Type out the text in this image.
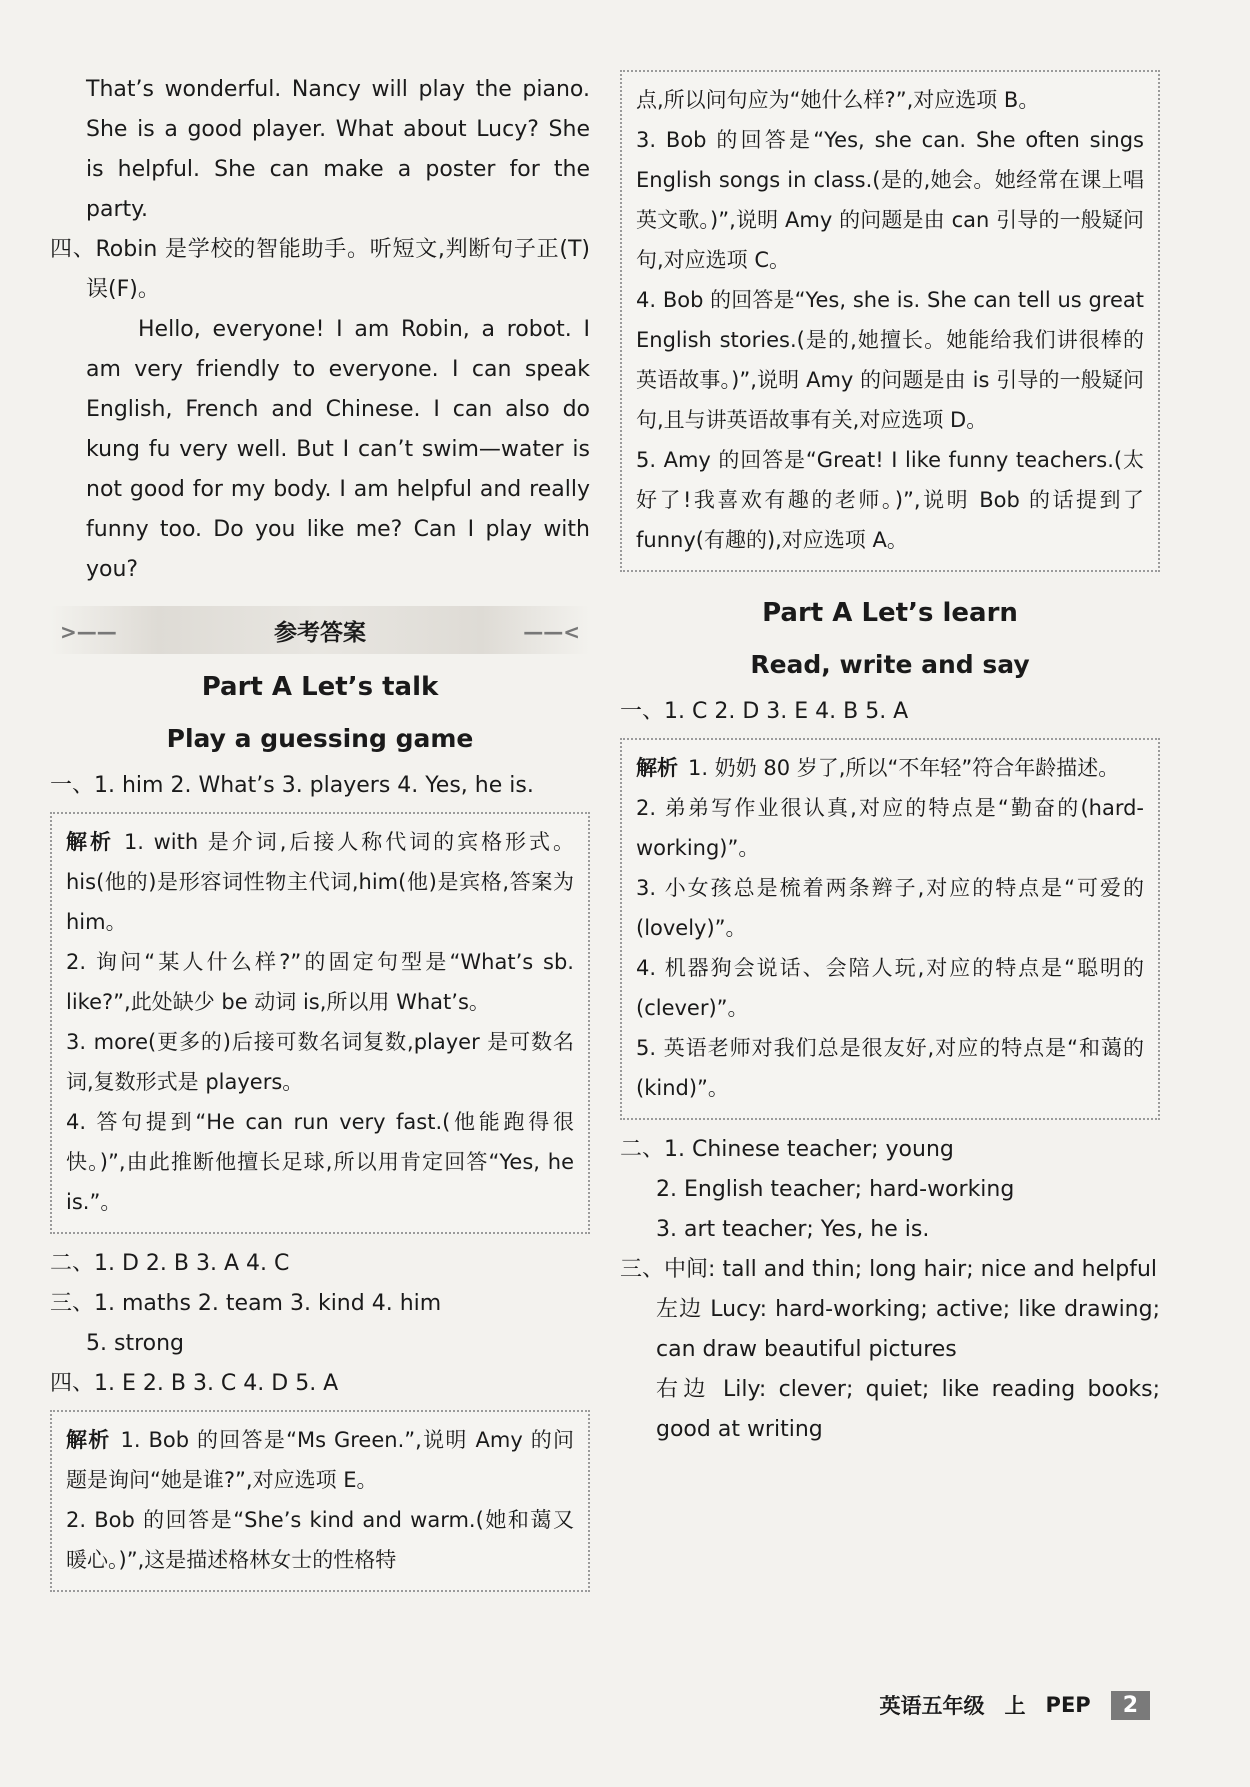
That’s wonderful. Nancy will play the piano. She is a good player. What about Lucy? She is helpful. She can make a poster for the party.

四、Robin 是学校的智能助手。听短文,判断句子正(T)误(F)。

Hello, everyone! I am Robin, a robot. I am very friendly to everyone. I can speak English, French and Chinese. I can also do kung fu very well. But I can’t swim—water is not good for my body. I am helpful and really funny too. Do you like me? Can I play with you?

>——	参考答案	——<
Part A Let’s talk
Play a guessing game

一、1. him 2. What’s 3. players 4. Yes, he is.

解析 1. with 是介词,后接人称代词的宾格形式。his(他的)是形容词性物主代词,him(他)是宾格,答案为 him。

2. 询问“某人什么样?”的固定句型是“What’s sb. like?”,此处缺少 be 动词 is,所以用 What’s。

3. more(更多的)后接可数名词复数,player 是可数名词,复数形式是 players。

4. 答句提到“He can run very fast.(他能跑得很快。)”,由此推断他擅长足球,所以用肯定回答“Yes, he is.”。

二、1. D 2. B 3. A 4. C

三、1. maths 2. team 3. kind 4. him

5. strong

四、1. E 2. B 3. C 4. D 5. A

解析 1. Bob 的回答是“Ms Green.”,说明 Amy 的问题是询问“她是谁?”,对应选项 E。

2. Bob 的回答是“She’s kind and warm.(她和蔼又暖心。)”,这是描述格林女士的性格特

点,所以问句应为“她什么样?”,对应选项 B。

3. Bob 的回答是“Yes, she can. She often sings English songs in class.(是的,她会。她经常在课上唱英文歌。)”,说明 Amy 的问题是由 can 引导的一般疑问句,对应选项 C。

4. Bob 的回答是“Yes, she is. She can tell us great English stories.(是的,她擅长。她能给我们讲很棒的英语故事。)”,说明 Amy 的问题是由 is 引导的一般疑问句,且与讲英语故事有关,对应选项 D。

5. Amy 的回答是“Great! I like funny teachers.(太好了!我喜欢有趣的老师。)”,说明 Bob 的话提到了 funny(有趣的),对应选项 A。

Part A Let’s learn
Read, write and say

一、1. C 2. D 3. E 4. B 5. A

解析 1. 奶奶 80 岁了,所以“不年轻”符合年龄描述。

2. 弟弟写作业很认真,对应的特点是“勤奋的(hard-working)”。

3. 小女孩总是梳着两条辫子,对应的特点是“可爱的(lovely)”。

4. 机器狗会说话、会陪人玩,对应的特点是“聪明的(clever)”。

5. 英语老师对我们总是很友好,对应的特点是“和蔼的(kind)”。

二、1. Chinese teacher; young

2. English teacher; hard-working

3. art teacher; Yes, he is.

三、中间: tall and thin; long hair; nice and helpful

左边 Lucy: hard-working; active; like drawing; can draw beautiful pictures

右边 Lily: clever; quiet; like reading books; good at writing

英语五年级 上 PEP	2
